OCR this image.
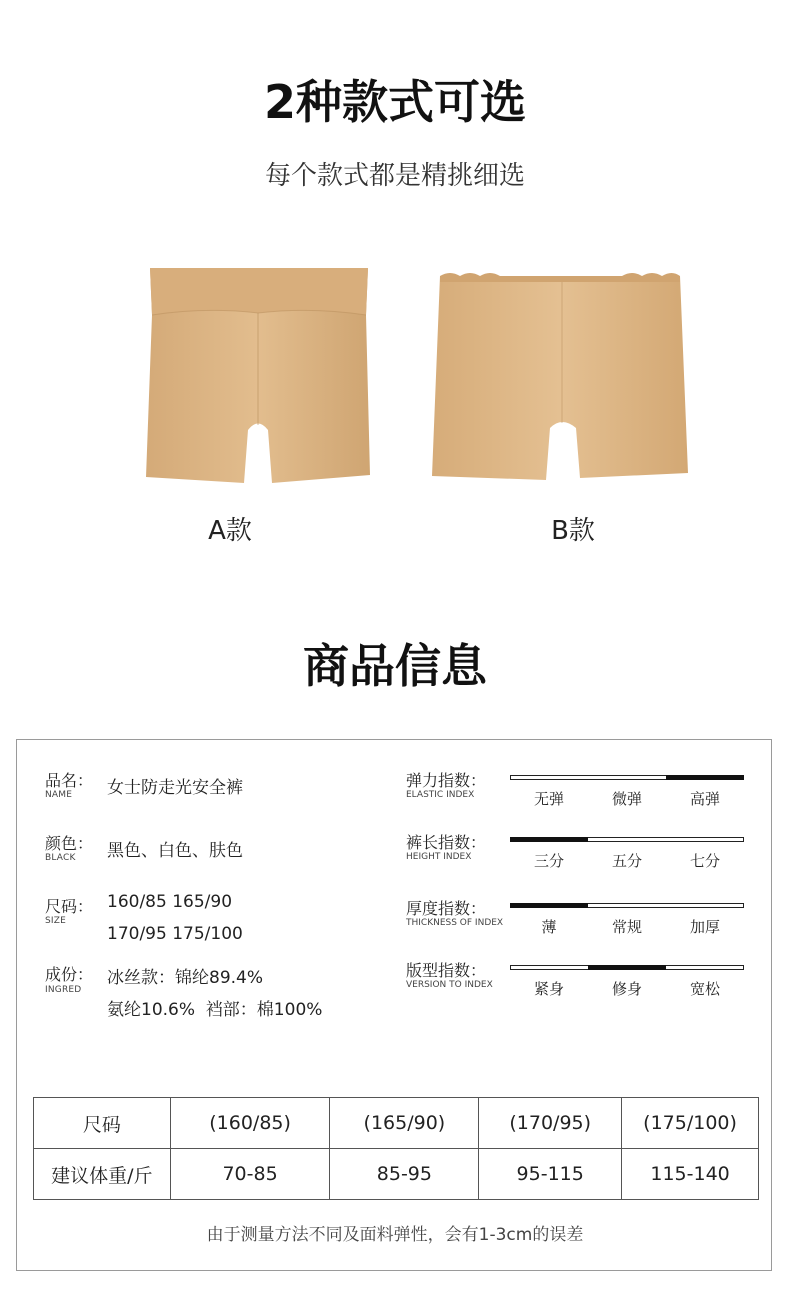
2种款式可选
每个款式都是精挑细选
A款	B款
商品信息
品名：
NAME 女士防走光安全裤
颜色：
BLACK 黑色、白色、肤色
尺码：
SIZE
160/85 165/90
170/95 175/100
成份：
INGRED
冰丝款：锦纶89.4%
氨纶10.6%  裆部：棉100%
弹力指数：
ELASTIC INDEX	无弹	微弹	高弹
裤长指数：
HEIGHT INDEX	三分	五分	七分
厚度指数：
THICKNESS OF INDEX	薄	常规	加厚
版型指数：
VERSION TO INDEX	紧身	修身	宽松
尺码	(160/85)	(165/90)	(170/95)	(175/100)
建议体重/斤	70-85	85-95	95-115	115-140
由于测量方法不同及面料弹性，会有1-3cm的误差
